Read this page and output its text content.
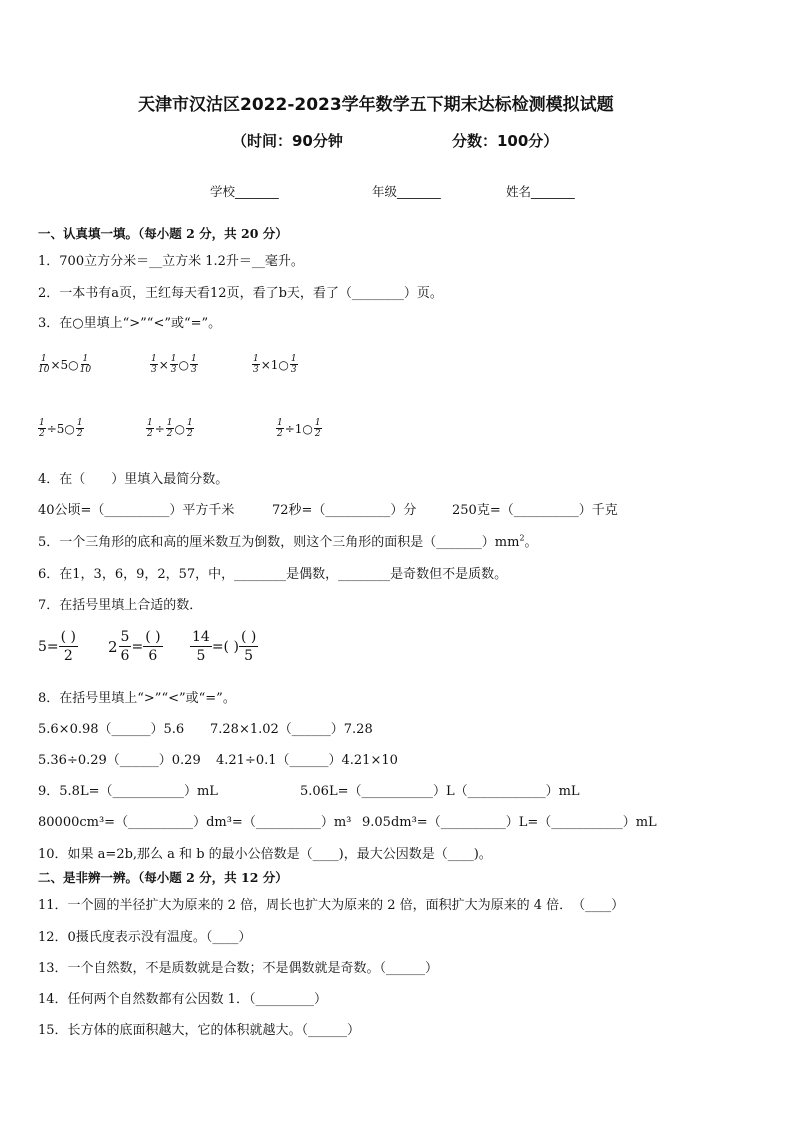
天津市汉沽区2022-2023学年数学五下期末达标检测模拟试题
（时间：90分钟	分数：100分）
学校_______	年级_______	姓名_______
一、认真填一填。（每小题 2 分，共 20 分）
1．700立方分米＝__立方米 1.2升＝__毫升。
2．一本书有a页，王红每天看12页，看了b天，看了（________）页。
3．在○里填上“>”“<”或“=”。
$\frac{1}{10}$ ×5○ $\frac{1}{10}$	$\frac{1}{3} \times \frac{1}{3}$ ○ $\frac{1}{3}$	$\frac{1}{3}$ ×1○ $\frac{1}{3}$
$\frac{1}{2}$ ÷5○ $\frac{1}{2}$	$\frac{1}{2} \div \frac{1}{2}$ ○ $\frac{1}{2}$	$\frac{1}{2}$ ÷1○ $\frac{1}{2}$
4．在（　　）里填入最简分数。
40公顷=（__________）平方千米	72秒=（__________）分	250克=（__________）千克
5．一个三角形的底和高的厘米数互为倒数，则这个三角形的面积是$(\_\_\_\_\_\_\_)mm^2$。
6．在1，3，6，9，2，57，中，________是偶数，________是奇数但不是质数。
7．在括号里填上合适的数．
$5= \frac{( )}{2} 2 \frac{5}{6} = \frac{( )}{6} \frac{14}{5}$ =( ) $\frac{( )}{5}$
8．在括号里填上“>”“<”或“=”。
5.6×0.98（______）5.6 7.28×1.02（______）7.28
5.36÷0.29（______）0.29 4.21÷0.1（______）4.21×10
9．5.8L=（___________）mL	5.06L=（___________）L（____________）mL
80000cm³=（__________）dm³=（__________）m³ 9.05dm³=（__________）L=（___________）mL
10．如果 a=2b,那么 a 和 b 的最小公倍数是（____)，最大公因数是（____)。
二、是非辨一辨。（每小题 2 分，共 12 分）
11．一个圆的半径扩大为原来的 2 倍，周长也扩大为原来的 2 倍，面积扩大为原来的 4 倍．　（____）
12．0摄氏度表示没有温度。（____）
13．一个自然数，不是质数就是合数；不是偶数就是奇数。（______）
14．任何两个自然数都有公因数 1．（_________）
15．长方体的底面积越大，它的体积就越大。（______）
